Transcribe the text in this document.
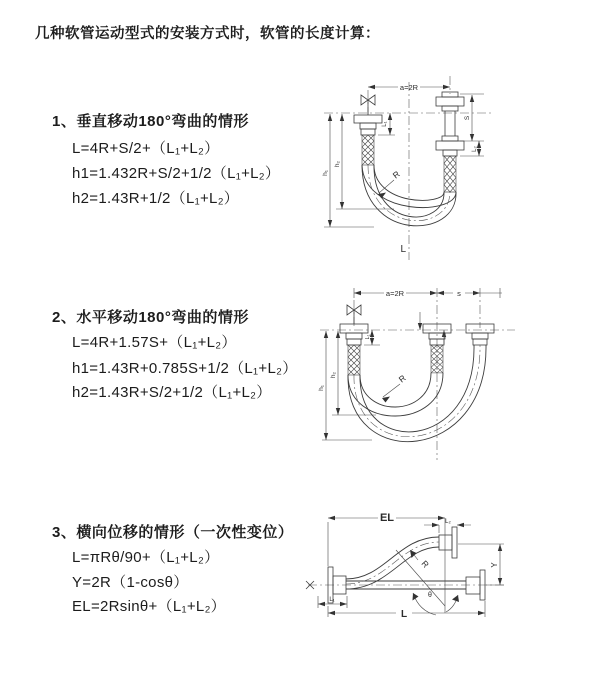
几种软管运动型式的安装方式时，软管的长度计算：
1、垂直移动180°弯曲的情形
L=4R+S/2+（L₁+L₂）
h1=1.432R+S/2+1/2（L₁+L₂）
h2=1.43R+1/2（L₁+L₂）
2、水平移动180°弯曲的情形
L=4R+1.57S+（L₁+L₂）
h1=1.43R+0.785S+1/2（L₁+L₂）
h2=1.43R+S/2+1/2（L₁+L₂）
3、横向位移的情形（一次性变位）
L=πRθ/90+（L₁+L₂）
Y=2R（1-cosθ）
EL=2Rsinθ+（L₁+L₂）
a=2R
L₁
S
L₂
h₁
h₂
R
L
a=2R	s
L₁
h₁
h₂	R
θ
R
EL	L₂
Y
L₁
L
